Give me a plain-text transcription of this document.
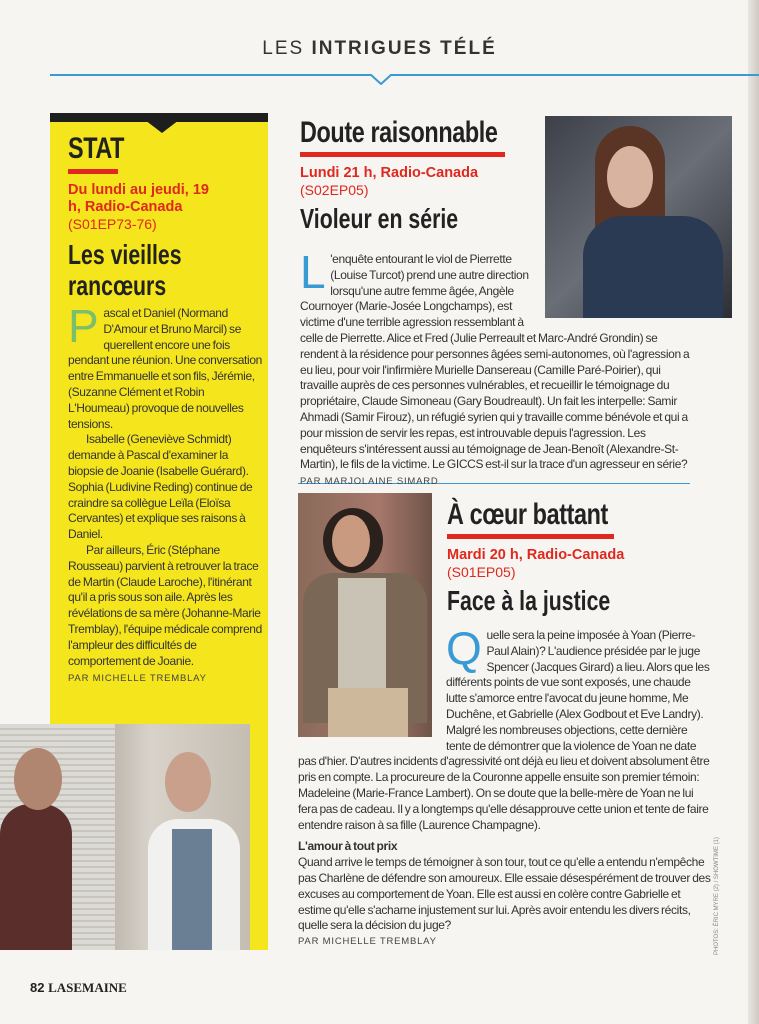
LES INTRIGUES TÉLÉ
STAT
Du lundi au jeudi, 19 h, Radio-Canada
(S01EP73-76)
Les vieilles
rancœurs
P ascal et Daniel (Normand D'Amour et Bruno Marcil) se querellent encore une fois pendant une réunion. Une conversation entre Emmanuelle et son fils, Jérémie, (Suzanne Clément et Robin L'Houmeau) provoque de nouvelles tensions.

Isabelle (Geneviève Schmidt) demande à Pascal d'examiner la biopsie de Joanie (Isabelle Guérard). Sophia (Ludivine Reding) continue de craindre sa collègue Leïla (Eloïsa Cervantes) et explique ses raisons à Daniel.

Par ailleurs, Éric (Stéphane Rousseau) parvient à retrouver la trace de Martin (Claude Laroche), l'itinérant qu'il a pris sous son aile. Après les révélations de sa mère (Johanne-Marie Tremblay), l'équipe médicale comprend l'ampleur des difficultés de comportement de Joanie.

PAR MICHELLE TREMBLAY
Doute raisonnable
Lundi 21 h, Radio-Canada
(S02EP05)
Violeur en série
L 'enquête entourant le viol de Pierrette (Louise Turcot) prend une autre direction lorsqu'une autre femme âgée, Angèle Cournoyer (Marie-Josée Longchamps), est victime d'une terrible agression ressemblant à celle de Pierrette. Alice et Fred (Julie Perreault et Marc-André Grondin) se rendent à la résidence pour personnes âgées semi-autonomes, où l'agression a eu lieu, pour voir l'infirmière Murielle Dansereau (Camille Paré-Poirier), qui travaille auprès de ces personnes vulnérables, et recueillir le témoignage du propriétaire, Claude Simoneau (Gary Boudreault). Un fait les interpelle: Samir Ahmadi (Samir Firouz), un réfugié syrien qui y travaille comme bénévole et qui a pour mission de servir les repas, est introuvable depuis l'agression. Les enquêteurs s'intéressent aussi au témoignage de Jean-Benoît (Alexandre-St-Martin), le fils de la victime. Le GICCS est-il sur la trace d'un agresseur en série? PAR MARJOLAINE SIMARD
À cœur battant
Mardi 20 h, Radio-Canada
(S01EP05)
Face à la justice
Q uelle sera la peine imposée à Yoan (Pierre-Paul Alain)? L'audience présidée par le juge Spencer (Jacques Girard) a lieu. Alors que les différents points de vue sont exposés, une chaude lutte s'amorce entre l'avocat du jeune homme, Me Duchêne, et Gabrielle (Alex Godbout et Eve Landry). Malgré les nombreuses objections, cette dernière tente de démontrer que la violence de Yoan ne date pas d'hier. D'autres incidents d'agressivité ont déjà eu lieu et doivent absolument être pris en compte. La procureure de la Couronne appelle ensuite son premier témoin: Madeleine (Marie-France Lambert). On se doute que la belle-mère de Yoan ne lui fera pas de cadeau. Il y a longtemps qu'elle désapprouve cette union et tente de faire entendre raison à sa fille (Laurence Champagne).
L'amour à tout prix

Quand arrive le temps de témoigner à son tour, tout ce qu'elle a entendu n'empêche pas Charlène de défendre son amoureux. Elle essaie désespérément de trouver des excuses au comportement de Yoan. Elle est aussi en colère contre Gabrielle et estime qu'elle s'acharne injustement sur lui. Après avoir entendu les divers récits, quelle sera la décision du juge?

PAR MICHELLE TREMBLAY	PHOTOS: ÉRIC MYRE (2) / SHOWTIME (1)
82 LASEMAINE
